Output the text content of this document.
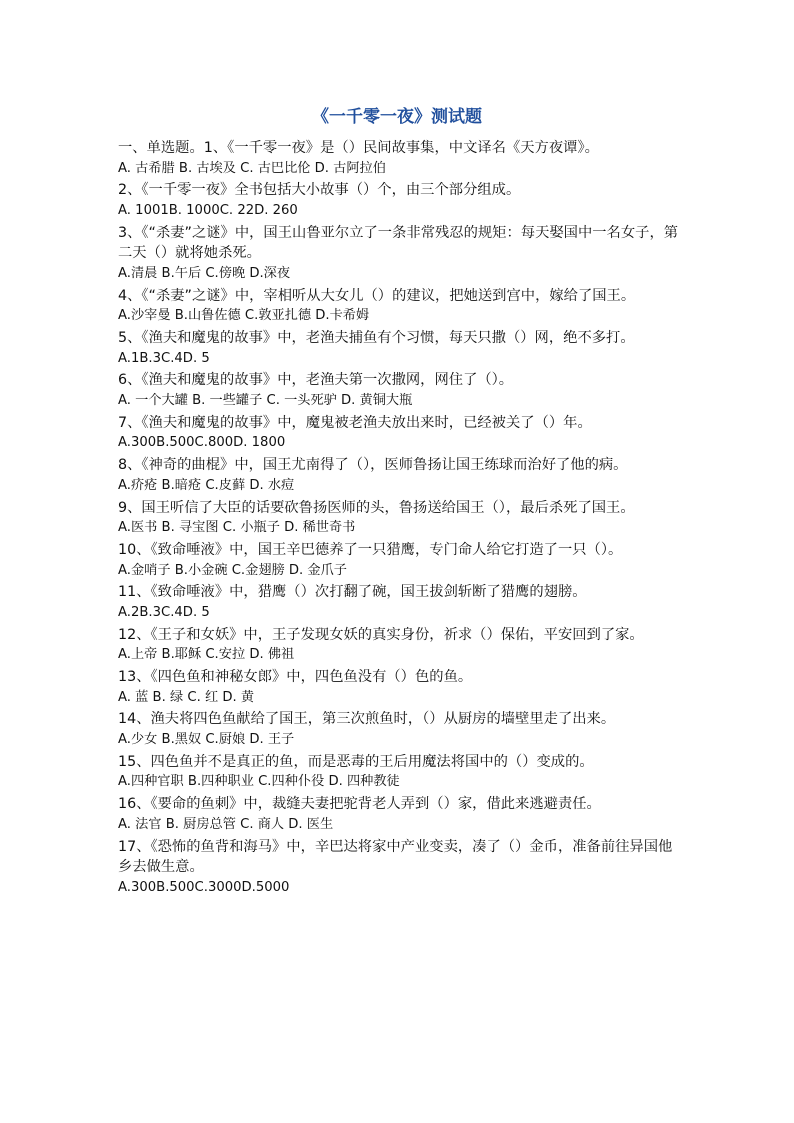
《一千零一夜》测试题
一、单选题。1、《一千零一夜》是（）民间故事集，中文译名《天方夜谭》。
A. 古希腊 B. 古埃及 C. 古巴比伦 D. 古阿拉伯
2、《一千零一夜》全书包括大小故事（）个，由三个部分组成。
A. 1001B. 1000C. 22D. 260
3、《“杀妻”之谜》中，国王山鲁亚尔立了一条非常残忍的规矩：每天娶国中一名女子，第二天（）就将她杀死。
A.清晨 B.午后 C.傍晚 D.深夜
4、《“杀妻”之谜》中，宰相听从大女儿（）的建议，把她送到宫中，嫁给了国王。
A.沙宰曼 B.山鲁佐德 C.敦亚扎德 D.卡希姆
5、《渔夫和魔鬼的故事》中，老渔夫捕鱼有个习惯，每天只撒（）网，绝不多打。
A.1B.3C.4D. 5
6、《渔夫和魔鬼的故事》中，老渔夫第一次撒网，网住了（）。
A. 一个大罐 B. 一些罐子 C. 一头死驴 D. 黄铜大瓶
7、《渔夫和魔鬼的故事》中，魔鬼被老渔夫放出来时，已经被关了（）年。
A.300B.500C.800D. 1800
8、《神奇的曲棍》中，国王尤南得了（），医师鲁扬让国王练球而治好了他的病。
A.疥疮 B.暗疮 C.皮藓 D. 水痘
9、国王听信了大臣的话要砍鲁扬医师的头，鲁扬送给国王（），最后杀死了国王。
A.医书 B. 寻宝图 C. 小瓶子 D. 稀世奇书
10、《致命唾液》中，国王辛巴德养了一只猎鹰，专门命人给它打造了一只（）。
A.金哨子 B.小金碗 C.金翅膀 D. 金爪子
11、《致命唾液》中，猎鹰（）次打翻了碗，国王拔剑斩断了猎鹰的翅膀。
A.2B.3C.4D. 5
12、《王子和女妖》中，王子发现女妖的真实身份，祈求（）保佑，平安回到了家。
A.上帝 B.耶稣 C.安拉 D. 佛祖
13、《四色鱼和神秘女郎》中，四色鱼没有（）色的鱼。
A. 蓝 B. 绿 C. 红 D. 黄
14、渔夫将四色鱼献给了国王，第三次煎鱼时，（）从厨房的墙壁里走了出来。
A.少女 B.黑奴 C.厨娘 D. 王子
15、四色鱼并不是真正的鱼，而是恶毒的王后用魔法将国中的（）变成的。
A.四种官职 B.四种职业 C.四种仆役 D. 四种教徒
16、《要命的鱼刺》中，裁缝夫妻把驼背老人弄到（）家，借此来逃避责任。
A. 法官 B. 厨房总管 C. 商人 D. 医生
17、《恐怖的鱼背和海马》中，辛巴达将家中产业变卖，凑了（）金币，准备前往异国他乡去做生意。
A.300B.500C.3000D.5000
